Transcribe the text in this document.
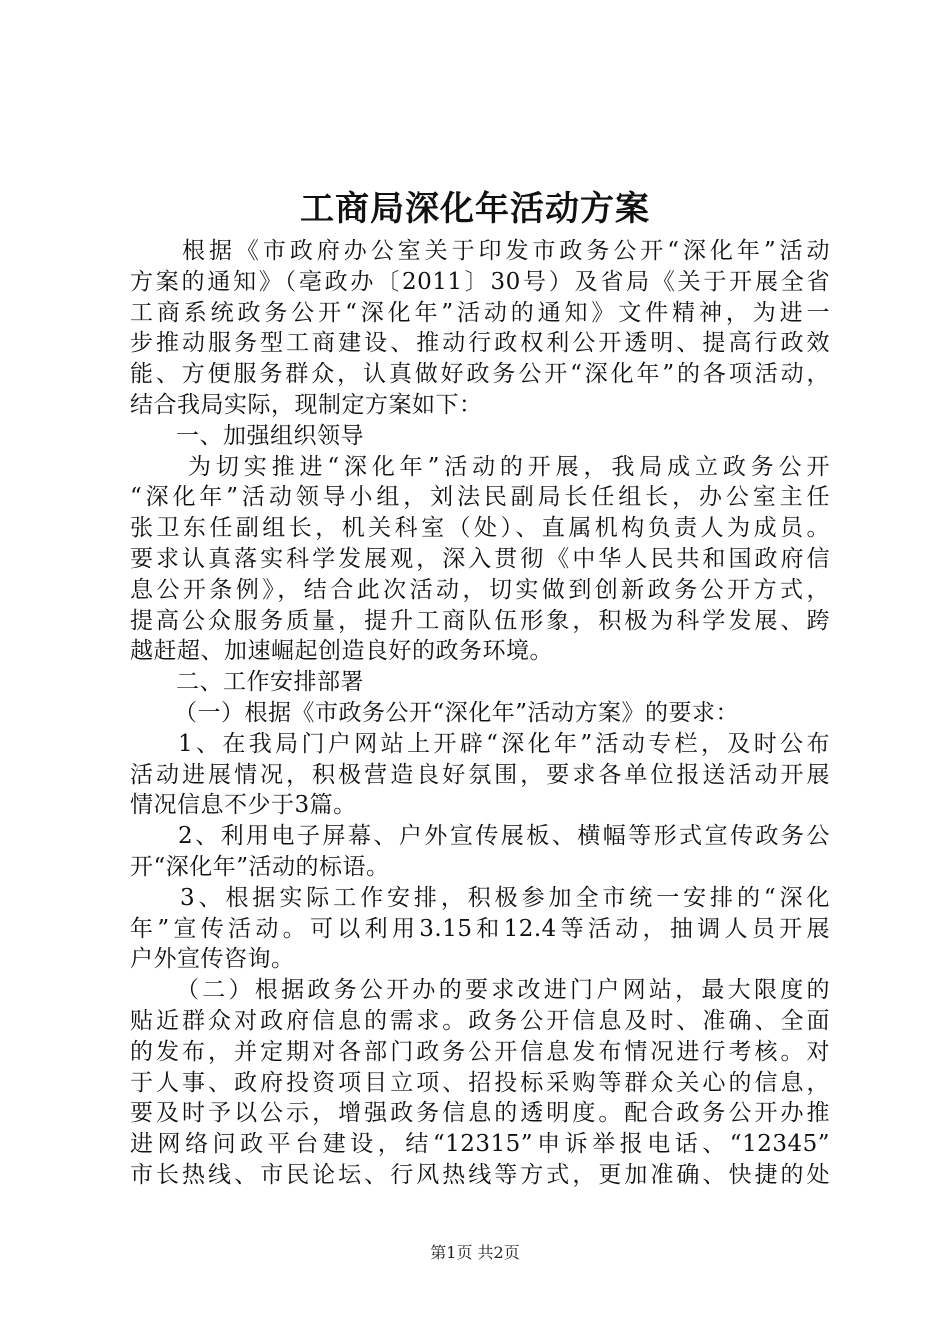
工商局深化年活动方案
根据《市政府办公室关于印发市政务公开“深化年”活动
方案的通知》（亳政办〔2011〕30号）及省局《关于开展全省
工商系统政务公开“深化年”活动的通知》文件精神，为进一
步推动服务型工商建设、推动行政权利公开透明、提高行政效
能、方便服务群众，认真做好政务公开“深化年”的各项活动，
结合我局实际，现制定方案如下：
一、加强组织领导
为切实推进“深化年”活动的开展，我局成立政务公开
“深化年”活动领导小组，刘法民副局长任组长，办公室主任
张卫东任副组长，机关科室（处）、直属机构负责人为成员。
要求认真落实科学发展观，深入贯彻《中华人民共和国政府信
息公开条例》，结合此次活动，切实做到创新政务公开方式，
提高公众服务质量，提升工商队伍形象，积极为科学发展、跨
越赶超、加速崛起创造良好的政务环境。
二、工作安排部署
（一）根据《市政务公开“深化年”活动方案》的要求：
1、在我局门户网站上开辟“深化年”活动专栏，及时公布
活动进展情况，积极营造良好氛围，要求各单位报送活动开展
情况信息不少于3篇。
2、利用电子屏幕、户外宣传展板、横幅等形式宣传政务公
开“深化年”活动的标语。
3、根据实际工作安排，积极参加全市统一安排的“深化
年”宣传活动。可以利用3.15和12.4等活动，抽调人员开展
户外宣传咨询。
（二）根据政务公开办的要求改进门户网站，最大限度的
贴近群众对政府信息的需求。政务公开信息及时、准确、全面
的发布，并定期对各部门政务公开信息发布情况进行考核。对
于人事、政府投资项目立项、招投标采购等群众关心的信息，
要及时予以公示，增强政务信息的透明度。配合政务公开办推
进网络问政平台建设，结“12315”申诉举报电话、“12345”
市长热线、市民论坛、行风热线等方式，更加准确、快捷的处
第1页 共2页
